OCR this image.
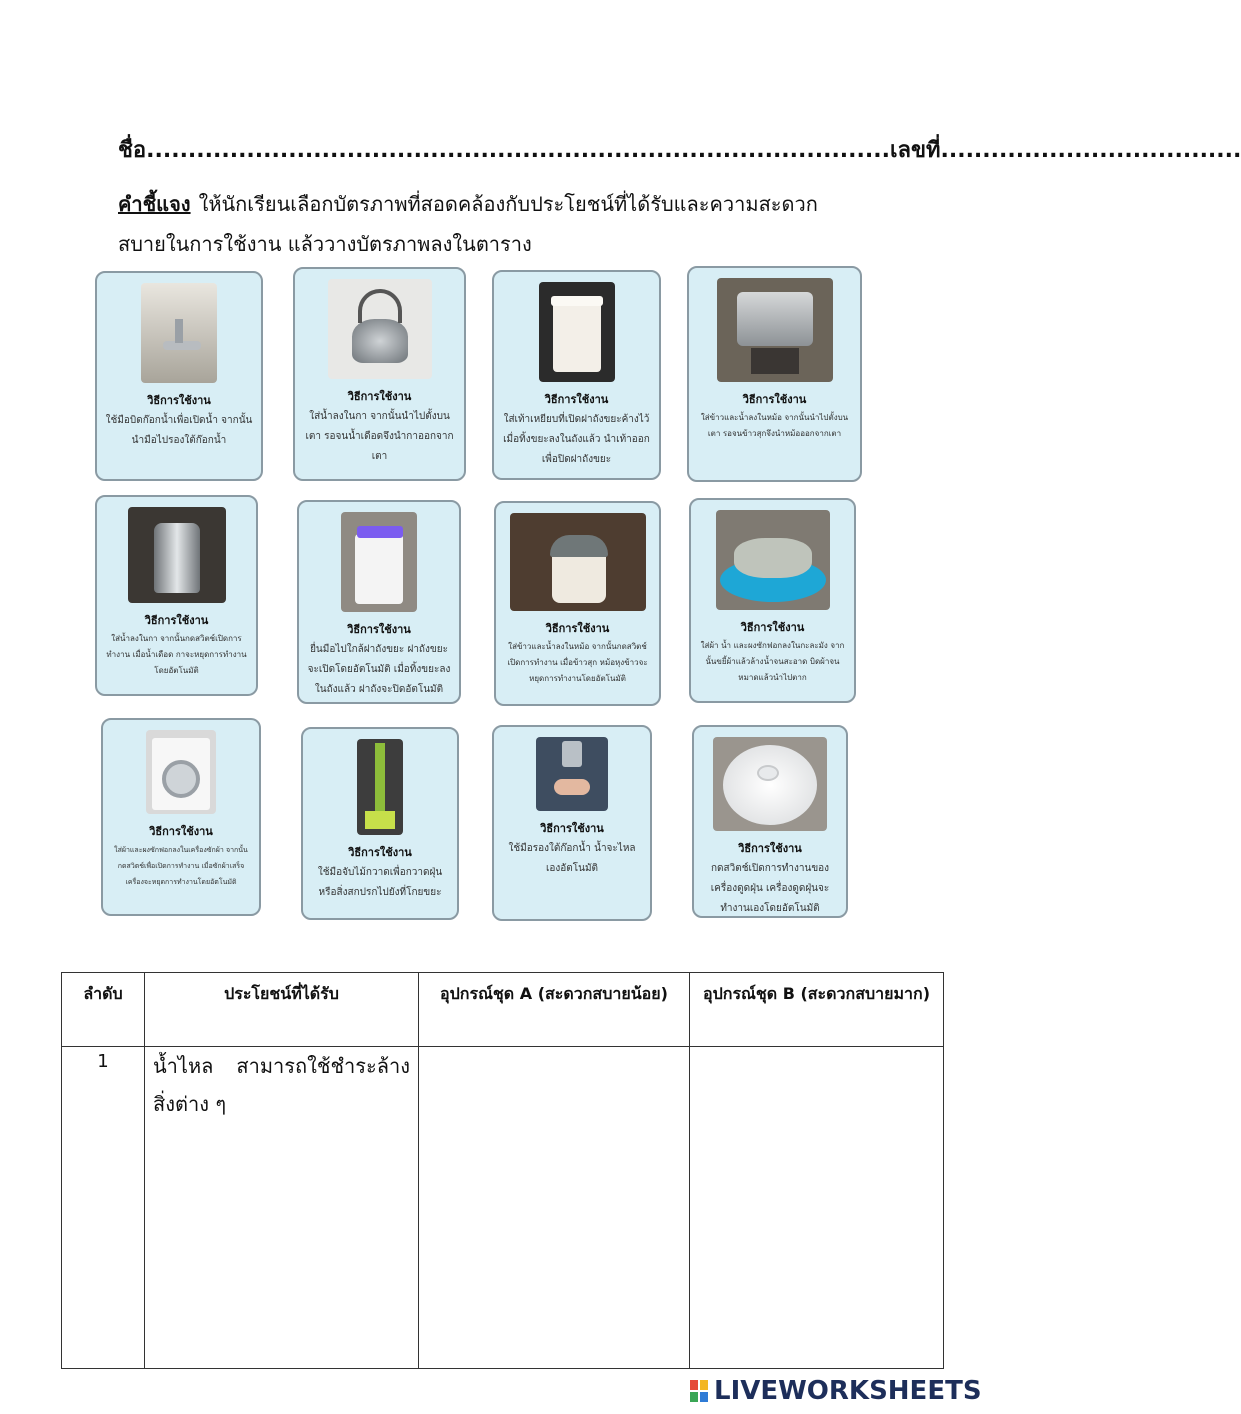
ชื่อ.........................................................................................เลขที่....................................
คำชี้แจง ให้นักเรียนเลือกบัตรภาพที่สอดคล้องกับประโยชน์ที่ได้รับและความสะดวกสบายในการใช้งาน แล้ววางบัตรภาพลงในตาราง
วิธีการใช้งาน
ใช้มือบิดก๊อกน้ำเพื่อเปิดน้ำ จากนั้นนำมือไปรองใต้ก๊อกน้ำ
วิธีการใช้งาน
ใส่น้ำลงในกา จากนั้นนำไปตั้งบนเตา รอจนน้ำเดือดจึงนำกาออกจากเตา
วิธีการใช้งาน
ใส่เท้าเหยียบที่เปิดฝาถังขยะค้างไว้ เมื่อทิ้งขยะลงในถังแล้ว นำเท้าออกเพื่อปิดฝาถังขยะ
วิธีการใช้งาน
ใส่ข้าวและน้ำลงในหม้อ จากนั้นนำไปตั้งบนเตา รอจนข้าวสุกจึงนำหม้อออกจากเตา
วิธีการใช้งาน
ใส่น้ำลงในกา จากนั้นกดสวิตช์เปิดการทำงาน เมื่อน้ำเดือด กาจะหยุดการทำงานโดยอัตโนมัติ
วิธีการใช้งาน
ยื่นมือไปใกล้ฝาถังขยะ ฝาถังขยะจะเปิดโดยอัตโนมัติ เมื่อทิ้งขยะลงในถังแล้ว ฝาถังจะปิดอัตโนมัติ
วิธีการใช้งาน
ใส่ข้าวและน้ำลงในหม้อ จากนั้นกดสวิตช์เปิดการทำงาน เมื่อข้าวสุก หม้อหุงข้าวจะหยุดการทำงานโดยอัตโนมัติ
วิธีการใช้งาน
ใส่ผ้า น้ำ และผงซักฟอกลงในกะละมัง จากนั้นขยี้ผ้าแล้วล้างน้ำจนสะอาด บิดผ้าจนหมาดแล้วนำไปตาก
วิธีการใช้งาน
ใส่ผ้าและผงซักฟอกลงในเครื่องซักผ้า จากนั้นกดสวิตช์เพื่อเปิดการทำงาน เมื่อซักผ้าเสร็จ เครื่องจะหยุดการทำงานโดยอัตโนมัติ
วิธีการใช้งาน
ใช้มือจับไม้กวาดเพื่อกวาดฝุ่นหรือสิ่งสกปรกไปยังที่โกยขยะ
วิธีการใช้งาน
ใช้มือรองใต้ก๊อกน้ำ น้ำจะไหลเองอัตโนมัติ
วิธีการใช้งาน
กดสวิตช์เปิดการทำงานของเครื่องดูดฝุ่น เครื่องดูดฝุ่นจะทำงานเองโดยอัตโนมัติ
ลำดับ	ประโยชน์ที่ได้รับ	อุปกรณ์ชุด A (สะดวกสบายน้อย)	อุปกรณ์ชุด B (สะดวกสบายมาก)
1	น้ำไหล สามารถใช้ชำระล้างสิ่งต่าง ๆ		
LIVEWORKSHEETS
